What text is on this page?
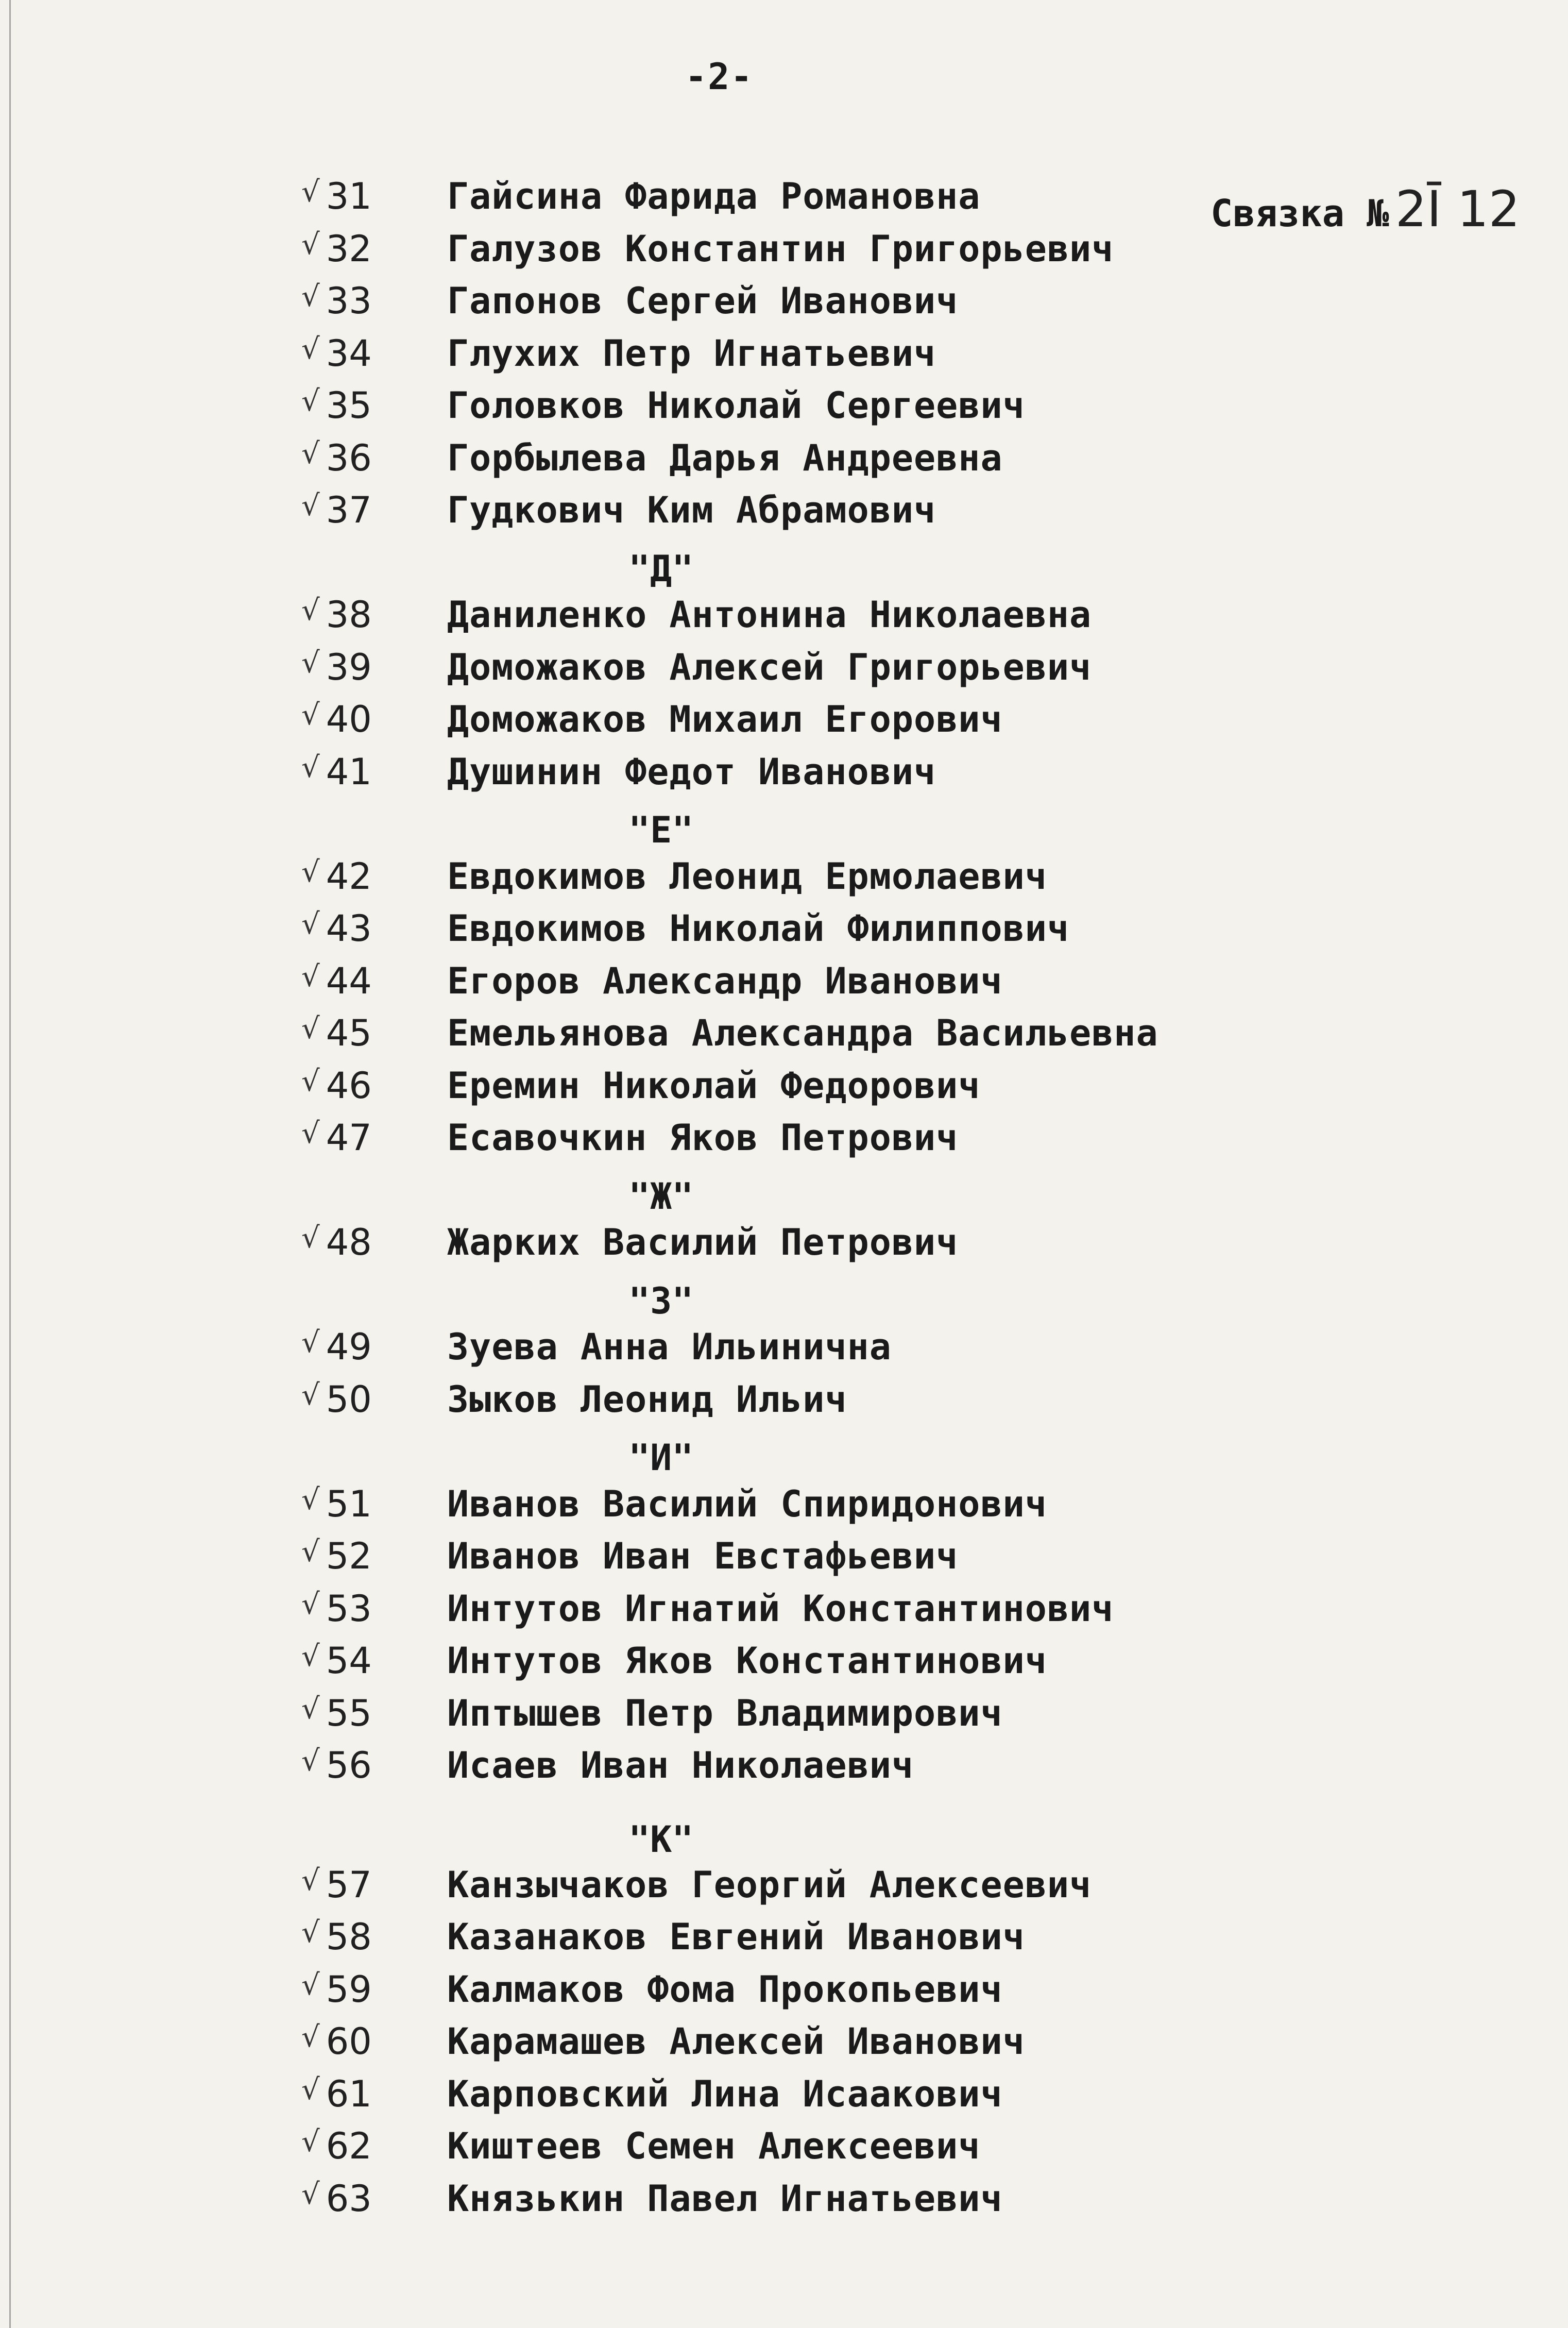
-2-
Связка № 2Ī 12
√ 31	Гайсина Фарида Романовна
√ 32	Галузов Константин Григорьевич
√ 33	Гапонов Сергей Иванович
√ 34	Глухих Петр Игнатьевич
√ 35	Головков Николай Сергеевич
√ 36	Горбылева Дарья Андреевна
√ 37	Гудкович Ким Абрамович
"Д"
√ 38	Даниленко Антонина Николаевна
√ 39	Доможаков Алексей Григорьевич
√ 40	Доможаков Михаил Егорович
√ 41	Душинин Федот Иванович
"Е"
√ 42	Евдокимов Леонид Ермолаевич
√ 43	Евдокимов Николай Филиппович
√ 44	Егоров Александр Иванович
√ 45	Емельянова Александра Васильевна
√ 46	Еремин Николай Федорович
√ 47	Есавочкин Яков Петрович
"Ж"
√ 48	Жарких Василий Петрович
"З"
√ 49	Зуева Анна Ильинична
√ 50	Зыков Леонид Ильич
"И"
√ 51	Иванов Василий Спиридонович
√ 52	Иванов Иван Евстафьевич
√ 53	Интутов Игнатий Константинович
√ 54	Интутов Яков Константинович
√ 55	Иптышев Петр Владимирович
√ 56	Исаев Иван Николаевич
"К"
√ 57	Канзычаков Георгий Алексеевич
√ 58	Казанаков Евгений Иванович
√ 59	Калмаков Фома Прокопьевич
√ 60	Карамашев Алексей Иванович
√ 61	Карповский Лина Исаакович
√ 62	Киштеев Семен Алексеевич
√ 63	Князькин Павел Игнатьевич
